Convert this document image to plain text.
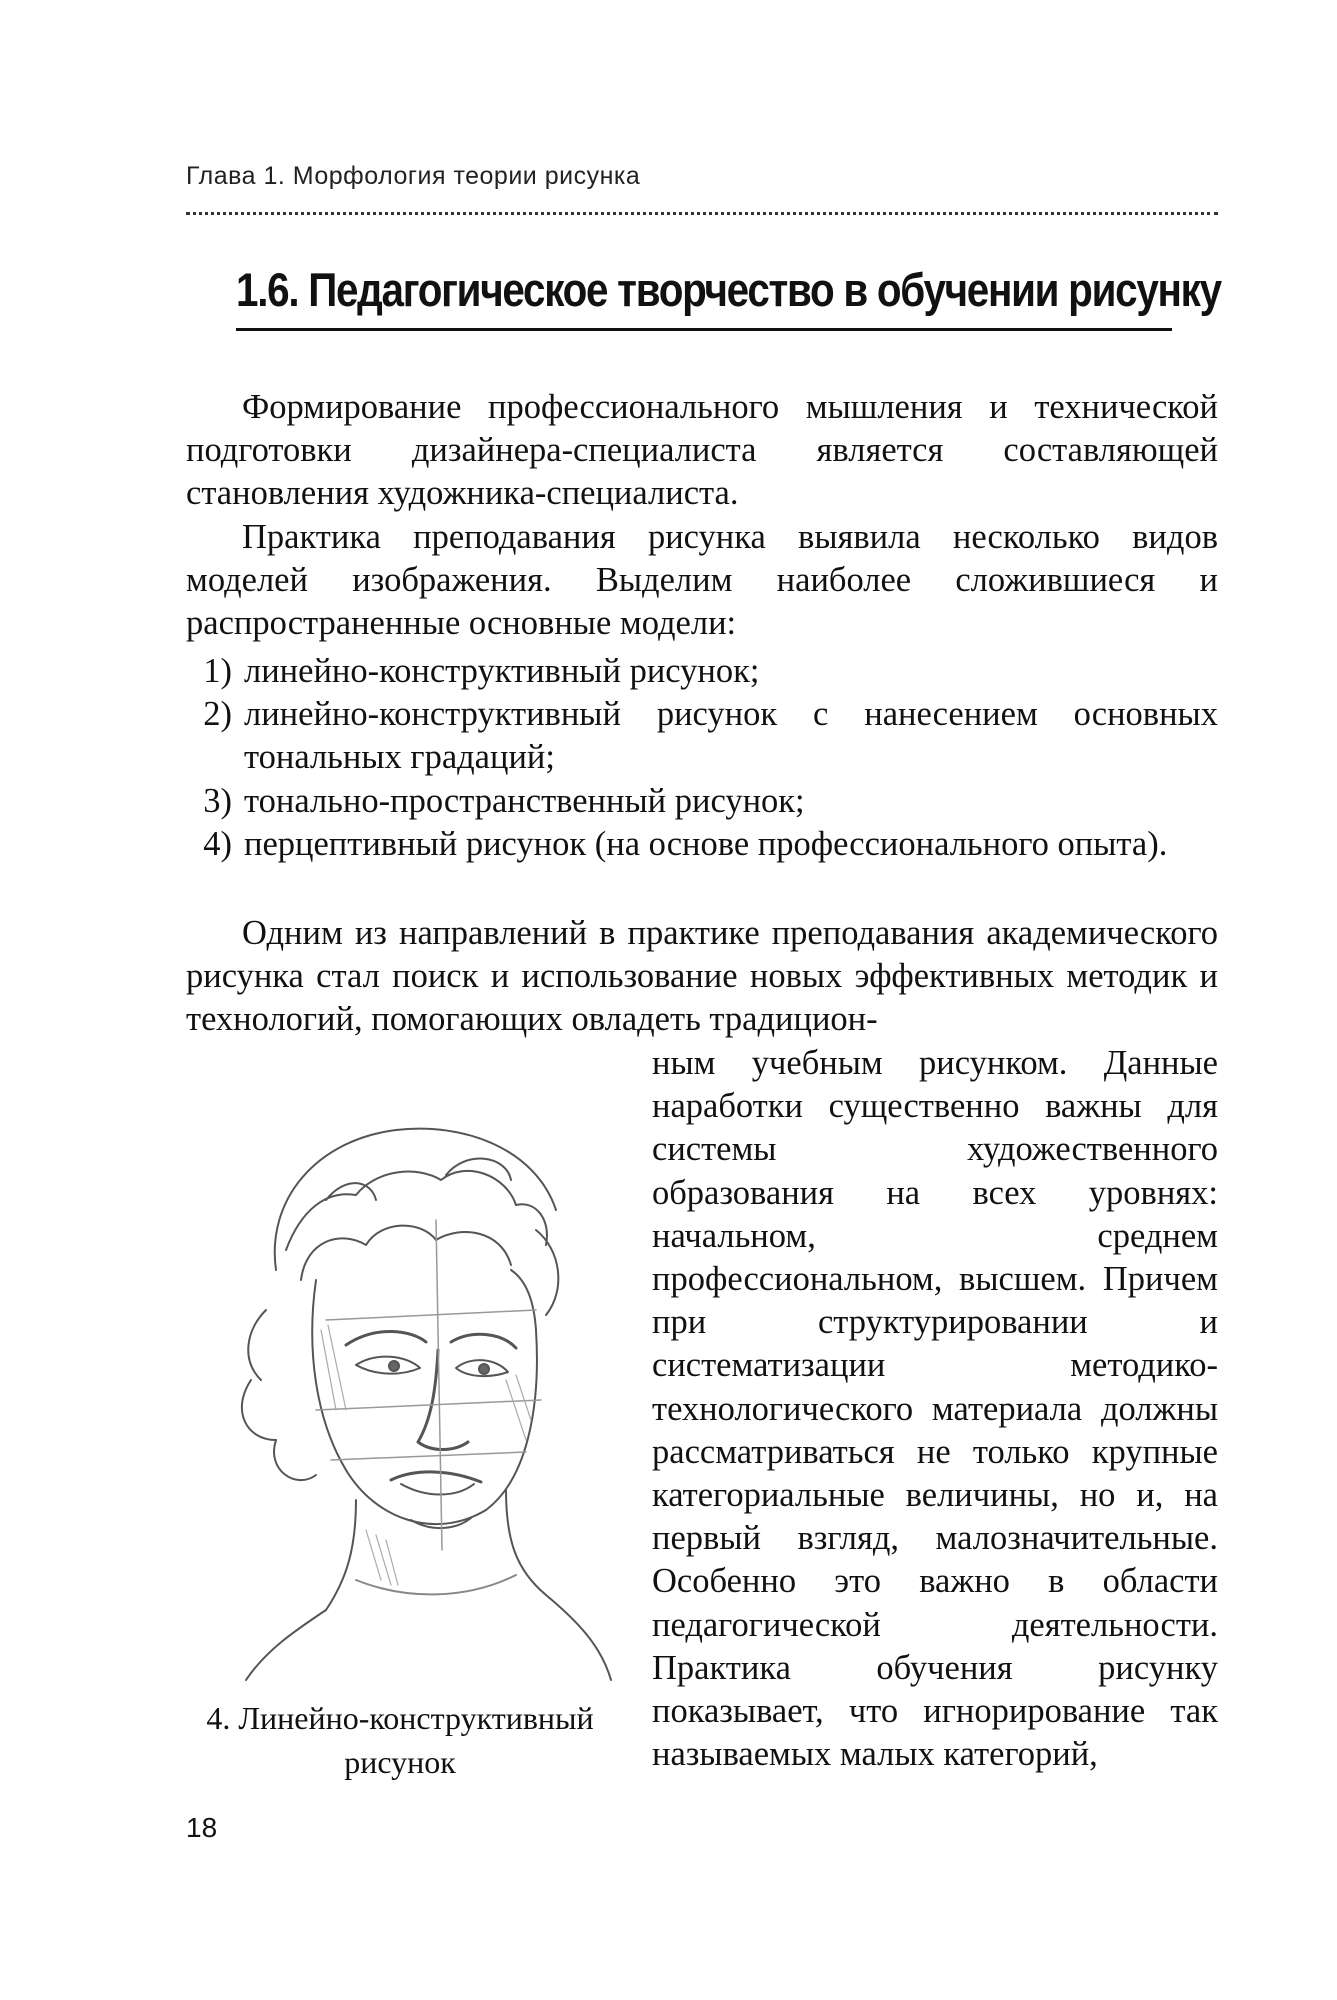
Глава 1. Морфология теории рисунка
1.6. Педагогическое творчество в обучении рисунку

Формирование профессионального мышления и технической подготовки дизайнера-специалиста является составляющей становления художника-специалиста.

Практика преподавания рисунка выявила несколько видов моделей изображения. Выделим наиболее сложившиеся и распространенные основные модели:

1 ) линейно-конструктивный рисунок;
2 ) линейно-конструктивный рисунок с нанесением основных тональных градаций;
3 ) тонально-пространственный рисунок;
4 ) перцептивный рисунок (на основе профессионального опыта).

Одним из направлений в практике преподавания академического рисунка стал поиск и использование новых эффективных методик и технологий, помогающих овладеть традицион-

ным учебным рисунком. Данные наработки существенно важны для системы художественного образования на всех уровнях: начальном, среднем профессиональном, высшем. Причем при структурировании и систематизации методико-технологического материала должны рассматриваться не только крупные категориальные величины, но и, на первый взгляд, малозначительные. Особенно это важно в области педагогической деятельности. Практика обучения рисунку показывает, что игнорирование так называемых малых категорий,

4. Линейно-конструктивный
рисунок
18
